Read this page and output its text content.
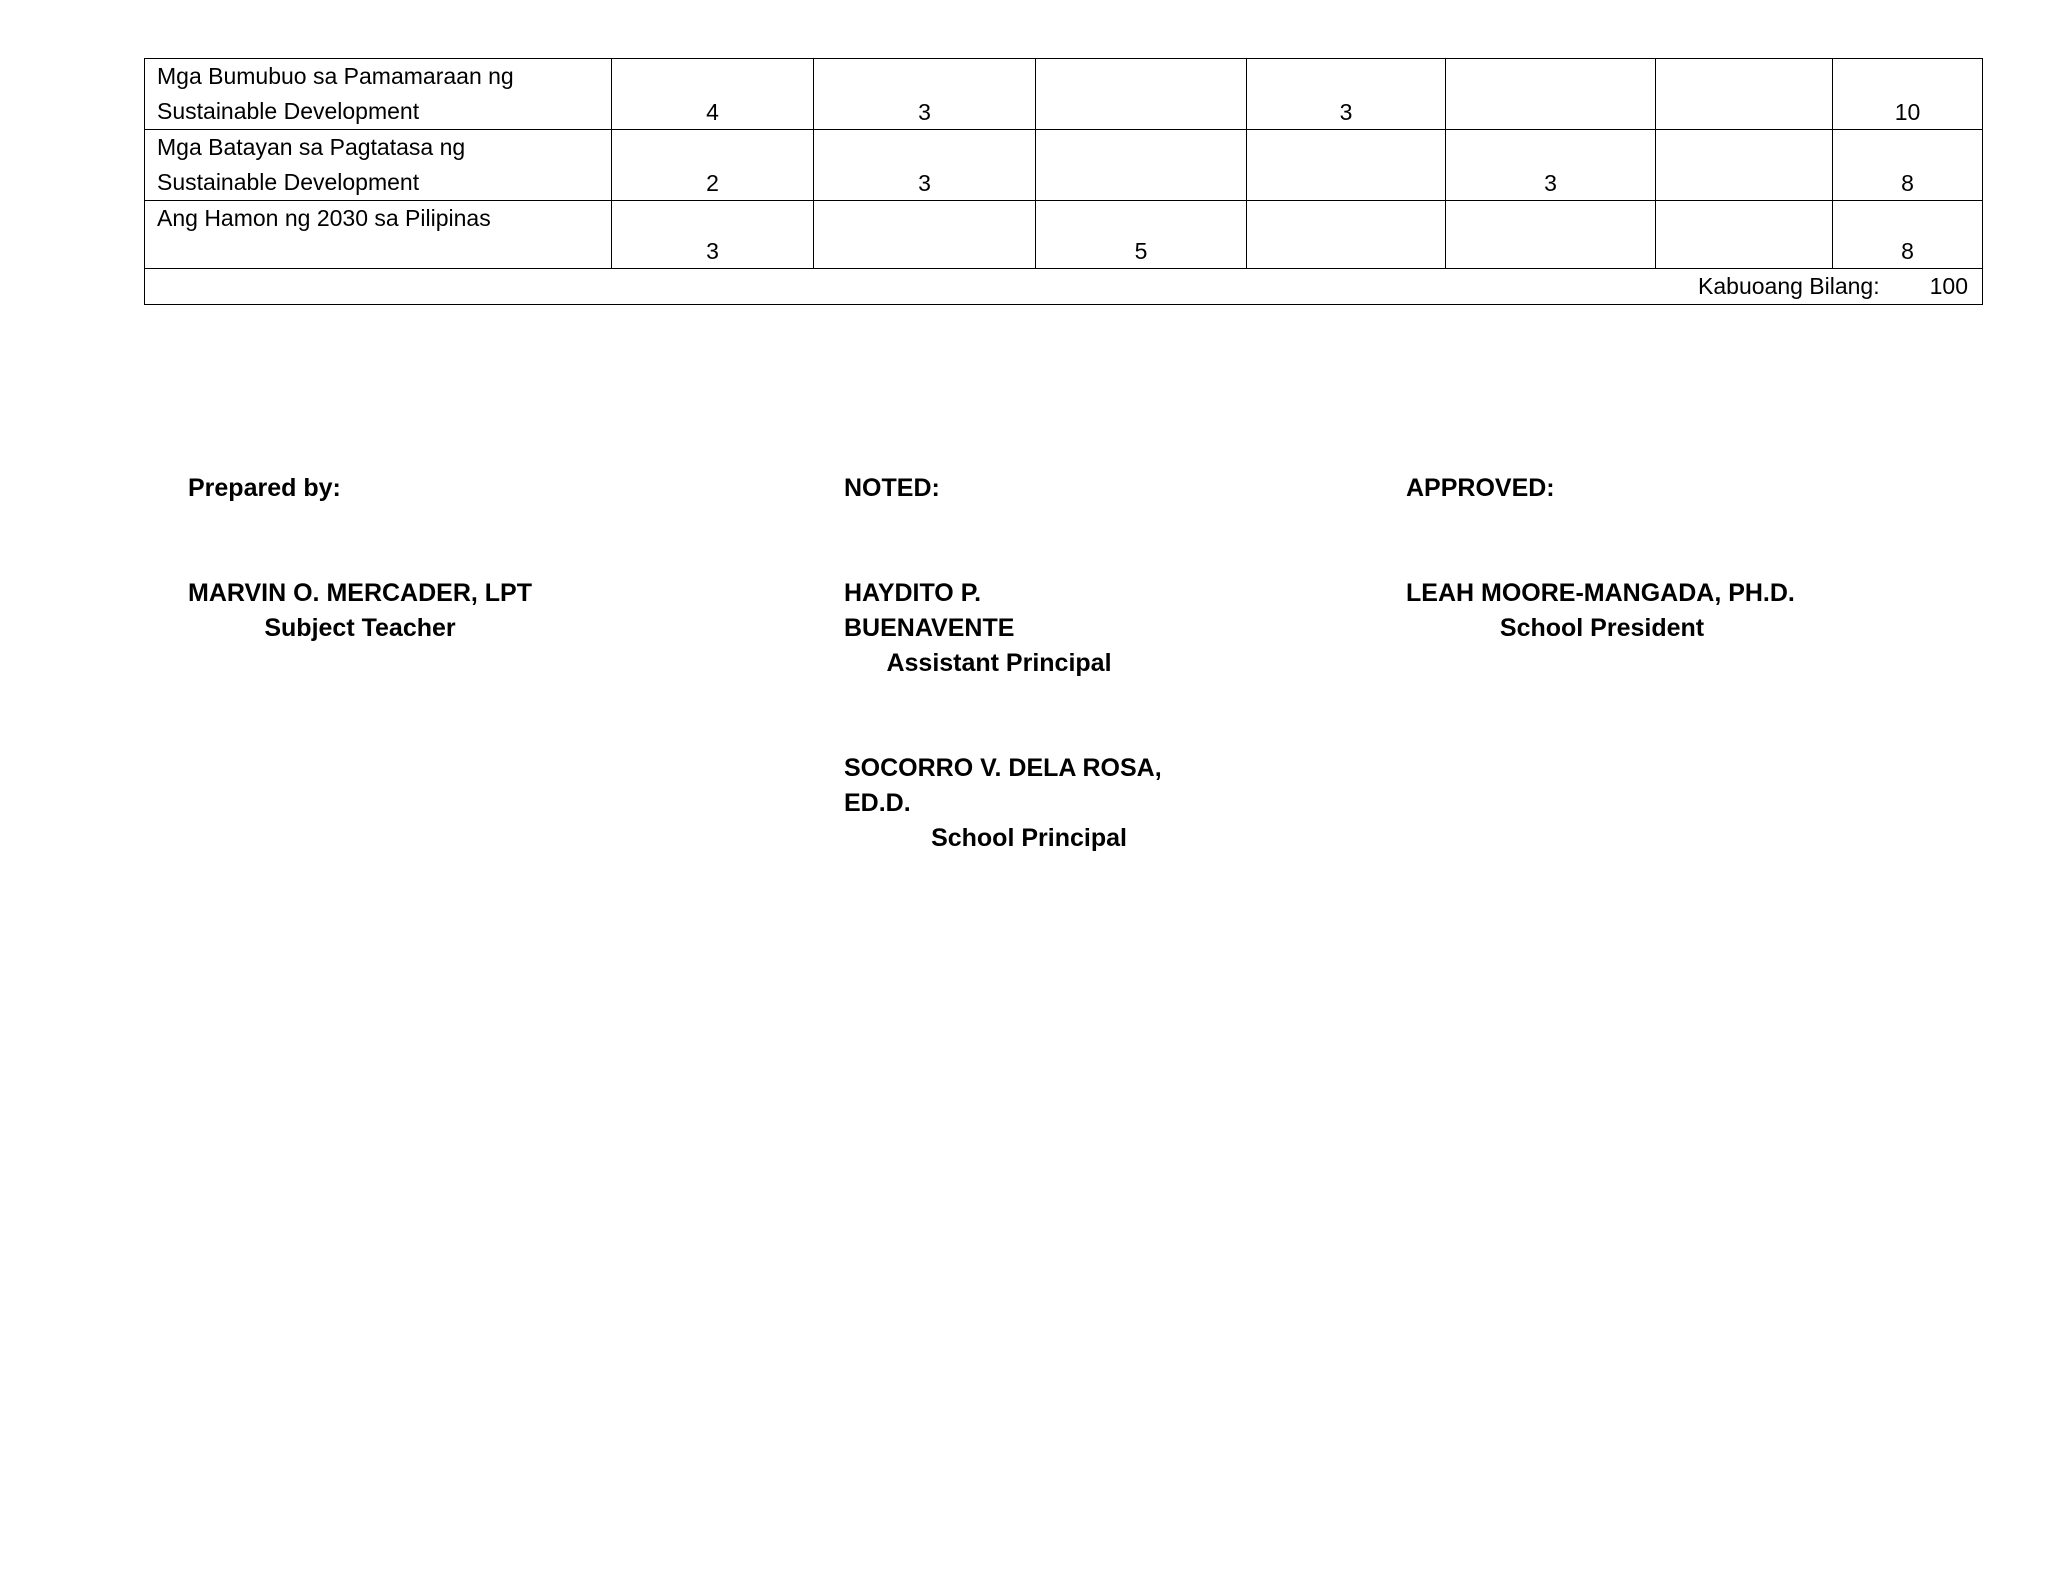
Mga Bumubuo sa Pamamaraan ng
Sustainable Development	4	3		3			10
Mga Batayan sa Pagtatasa ng
Sustainable Development	2	3			3		8
Ang Hamon ng 2030 sa Pilipinas	3		5				8
Kabuoang Bilang: 100							
Prepared by:
MARVIN O. MERCADER, LPT
Subject Teacher
NOTED:
HAYDITO P. BUENAVENTE
Assistant Principal
APPROVED:
LEAH MOORE-MANGADA, PH.D.
School President
SOCORRO V. DELA ROSA, ED.D.
School Principal
